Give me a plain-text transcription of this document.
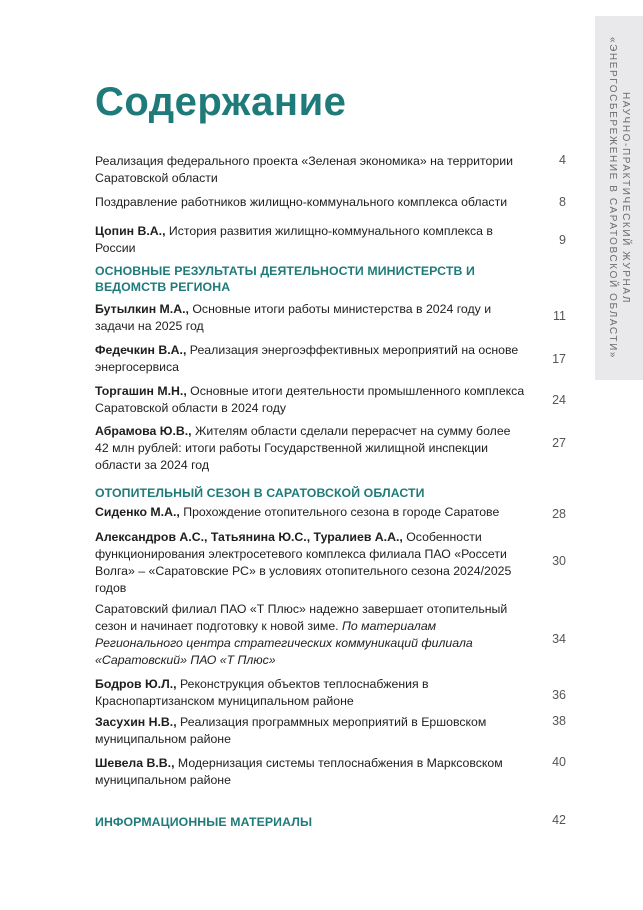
НАУЧНО-ПРАКТИЧЕСКИЙ ЖУРНАЛ
«ЭНЕРГОСБЕРЕЖЕНИЕ В САРАТОВСКОЙ ОБЛАСТИ»
Содержание
Реализация федерального проекта «Зеленая экономика» на территории Саратовской области
4
Поздравление работников жилищно-коммунального комплекса области	8
Цопин В.А., История развития жилищно-коммунального комплекса в России
9
ОСНОВНЫЕ РЕЗУЛЬТАТЫ ДЕЯТЕЛЬНОСТИ МИНИСТЕРСТВ И ВЕДОМСТВ РЕГИОНА
Бутылкин М.А., Основные итоги работы министерства в 2024 году и задачи на 2025 год
11
Федечкин В.А., Реализация энергоэффективных мероприятий на основе энергосервиса
17
Торгашин М.Н., Основные итоги деятельности промышленного комплекса Саратовской области в 2024 году
24
Абрамова Ю.В., Жителям области сделали перерасчет на сумму более 42 млн рублей: итоги работы Государственной жилищной инспекции области за 2024 год
27
ОТОПИТЕЛЬНЫЙ СЕЗОН В САРАТОВСКОЙ ОБЛАСТИ
Сиденко М.А., Прохождение отопительного сезона в городе Саратове	28
Александров А.С., Татьянина Ю.С., Туралиев А.А., Особенности функционирования электросетевого комплекса филиала ПАО «Россети Волга» – «Саратовские РС» в условиях отопительного сезона 2024/2025 годов
30
Саратовский филиал ПАО «Т Плюс» надежно завершает отопительный сезон и начинает подготовку к новой зиме. По материалам Регионального центра стратегических коммуникаций филиала «Саратовский» ПАО «Т Плюс»
34
Бодров Ю.Л., Реконструкция объектов теплоснабжения в Краснопартизанском муниципальном районе	36
Засухин Н.В., Реализация программных мероприятий в Ершовском муниципальном районе
38
Шевела В.В., Модернизация системы теплоснабжения в Марксовском муниципальном районе
40
ИНФОРМАЦИОННЫЕ МАТЕРИАЛЫ	42
